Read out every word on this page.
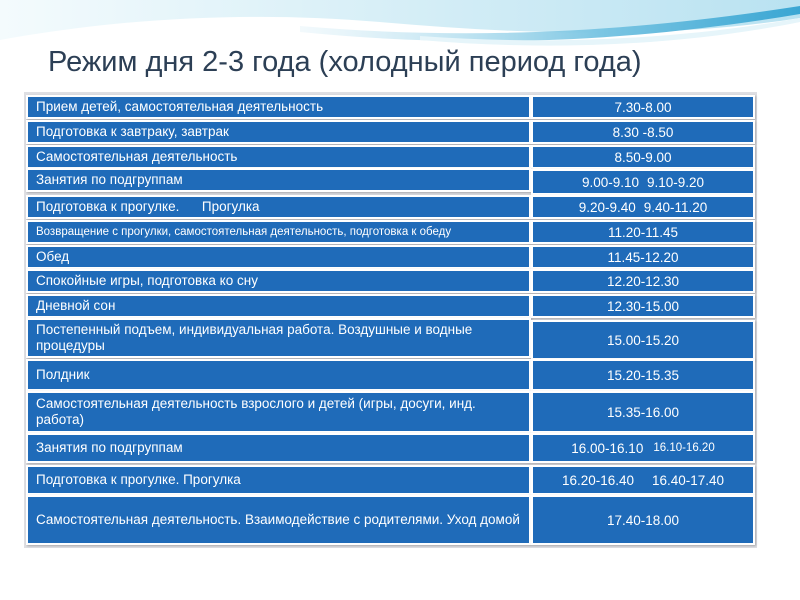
Режим дня 2-3 года (холодный период года)
Прием детей, самостоятельная деятельность	7.30-8.00
Подготовка к завтраку, завтрак	8.30 -8.50
Самостоятельная деятельность	8.50-9.00
Занятия по подгруппам	9.00-9.10 9.10-9.20
Подготовка к прогулке.      Прогулка	9.20-9.40 9.40-11.20
Возвращение с прогулки, самостоятельная деятельность, подготовка к обеду	11.20-11.45
Обед	11.45-12.20
Спокойные игры, подготовка ко сну	12.20-12.30
Дневной сон	12.30-15.00
Постепенный подъем, индивидуальная работа. Воздушные и водные процедуры	15.00-15.20
Полдник	15.20-15.35
Самостоятельная деятельность взрослого и детей (игры, досуги, инд. работа)	15.35-16.00
Занятия по подгруппам	16.00-16.10 16.10-16.20
Подготовка к прогулке. Прогулка	16.20-16.40 16.40-17.40
Самостоятельная деятельность. Взаимодействие с родителями. Уход домой	17.40-18.00
